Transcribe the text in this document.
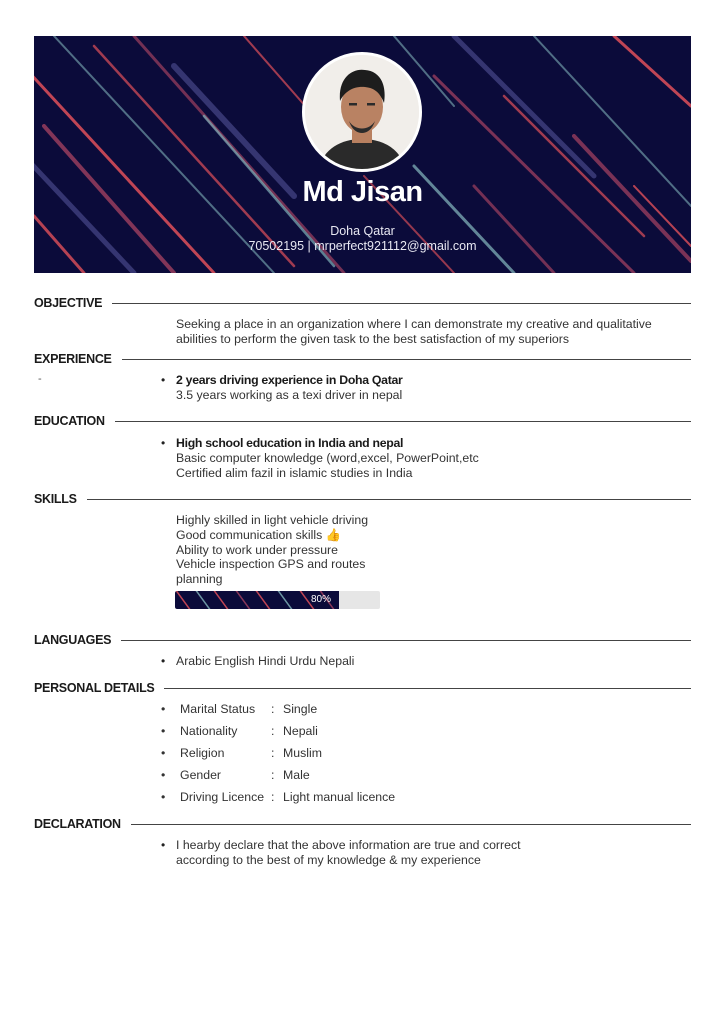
Md Jisan
Doha Qatar
70502195 | mrperfect921112@gmail.com
OBJECTIVE
Seeking a place in an organization where I can demonstrate my creative and qualitative
abilities to perform the given task to the best satisfaction of my superiors
EXPERIENCE
-	• 2 years driving experience in Doha Qatar
3.5 years working as a texi driver in nepal
EDUCATION
• High school education in India and nepal
Basic computer knowledge (word,excel, PowerPoint,etc
Certified alim fazil in islamic studies in India
SKILLS
Highly skilled in light vehicle driving
Good communication skills 👍
Ability to work under pressure
Vehicle inspection GPS and routes
planning
80%
LANGUAGES
• Arabic English Hindi Urdu Nepali
PERSONAL DETAILS
• Marital Status : Single
• Nationality	: Nepali
• Religion	: Muslim
• Gender	: Male
• Driving Licence : Light manual licence
DECLARATION
• I hearby declare that the above information are true and correct
according to the best of my knowledge & my experience
